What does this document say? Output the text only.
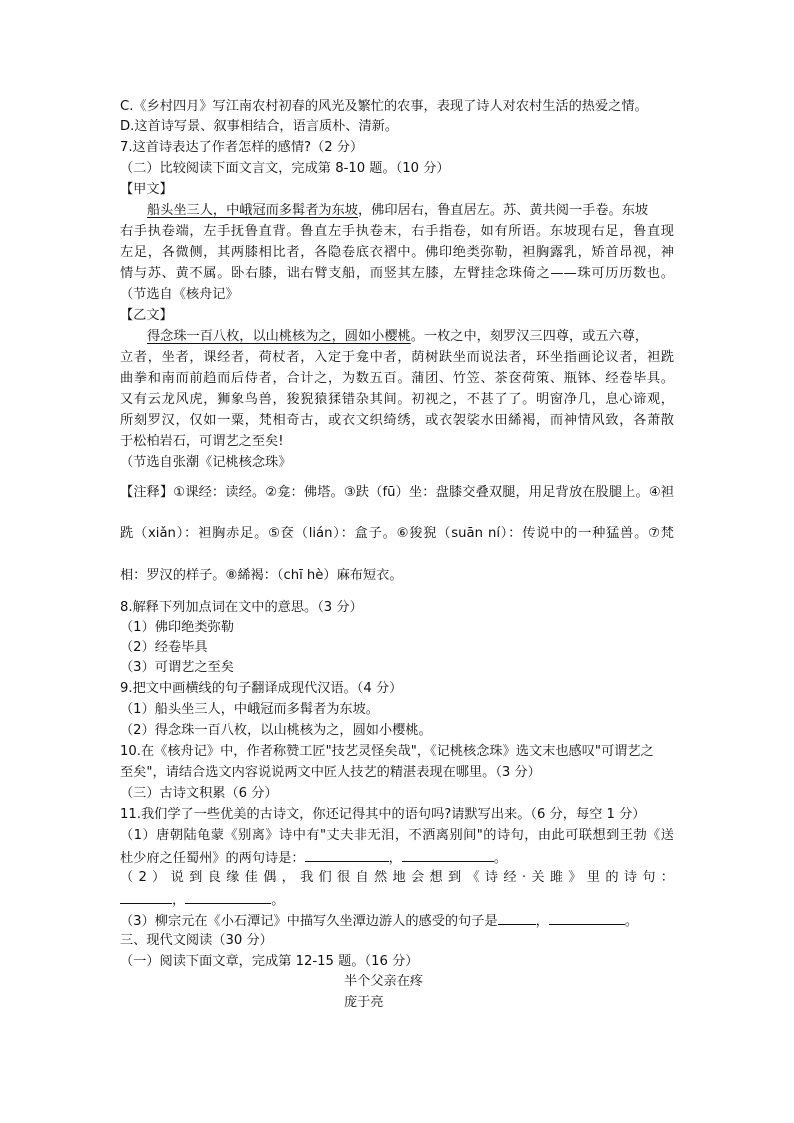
C.《乡村四月》写江南农村初春的风光及繁忙的农事，表现了诗人对农村生活的热爱之情。
D.这首诗写景、叙事相结合，语言质朴、清新。
7.这首诗表达了作者怎样的感情?（2 分）
（二）比较阅读下面文言文，完成第 8-10 题。（10 分）
【甲文】
船头坐三人，中峨冠而多髯者为东坡，佛印居右，鲁直居左。苏、黄共阅一手卷。东坡
右手执卷端，左手抚鲁直背。鲁直左手执卷末，右手指卷，如有所语。东坡现右足，鲁直现
左足，各微侧，其两膝相比者，各隐卷底衣褶中。佛印绝类弥勒，袒胸露乳，矫首昂视，神
情与苏、黄不属。卧右膝，诎右臂支船，而竖其左膝，左臂挂念珠倚之——珠可历历数也。
（节选自《核舟记》
【乙文】
得念珠一百八枚，以山桃核为之，圆如小樱桃。一枚之中，刻罗汉三四尊，或五六尊，
立者，坐者，课经者，荷杖者，入定于龛中者，荫树趺坐而说法者，环坐指画论议者，袒跣
曲拳和南而前趋而后侍者，合计之，为数五百。蒲团、竹笠、茶奁荷策、瓶钵、经卷毕具。
又有云龙风虎，狮象鸟兽，狻猊猿猱错杂其间。初视之，不甚了了。明窗净几，息心谛观，
所刻罗汉，仅如一粟，梵相奇古，或衣文织绮绣，或衣袈裟水田絺褐，而神情风致，各萧散
于松柏岩石，可谓艺之至矣!
（节选自张潮《记桃核念珠》
【注释】①课经：读经。②龛：佛塔。③趺（fū）坐：盘膝交叠双腿，用足背放在股腿上。④袒
跣（xiǎn）：袒胸赤足。⑤奁（lián）：盒子。⑥狻猊（suān ní）：传说中的一种猛兽。⑦梵
相：罗汉的样子。⑧絺褐：（chī hè）麻布短衣。
8.解释下列加点词在文中的意思。（3 分）
（1）佛印绝类弥勒
（2）经卷毕具
（3）可谓艺之至矣
9.把文中画横线的句子翻译成现代汉语。（4 分）
（1）船头坐三人，中峨冠而多髯者为东坡。
（2）得念珠一百八枚，以山桃核为之，圆如小樱桃。
10.在《核舟记》中，作者称赞工匠"技艺灵怪矣哉"，《记桃核念珠》选文末也感叹"可谓艺之
至矣"，请结合选文内容说说两文中匠人技艺的精湛表现在哪里。（3 分）
（三）古诗文积累（6 分）
11.我们学了一些优美的古诗文，你还记得其中的语句吗?请默写出来。（6 分，每空 1 分）
（1）唐朝陆龟蒙《别离》诗中有"丈夫非无泪，不洒离别间"的诗句，由此可联想到王勃《送
杜少府之任蜀州》的两句诗是：	，	。
（2）说到良缘佳偶，我们很自然地会想到《诗经·关雎》里的诗句：
，	。
（3）柳宗元在《小石潭记》中描写久坐潭边游人的感受的句子是	，	。
三、现代文阅读（30 分）
（一）阅读下面文章，完成第 12-15 题。（16 分）
半个父亲在疼
庞于亮
